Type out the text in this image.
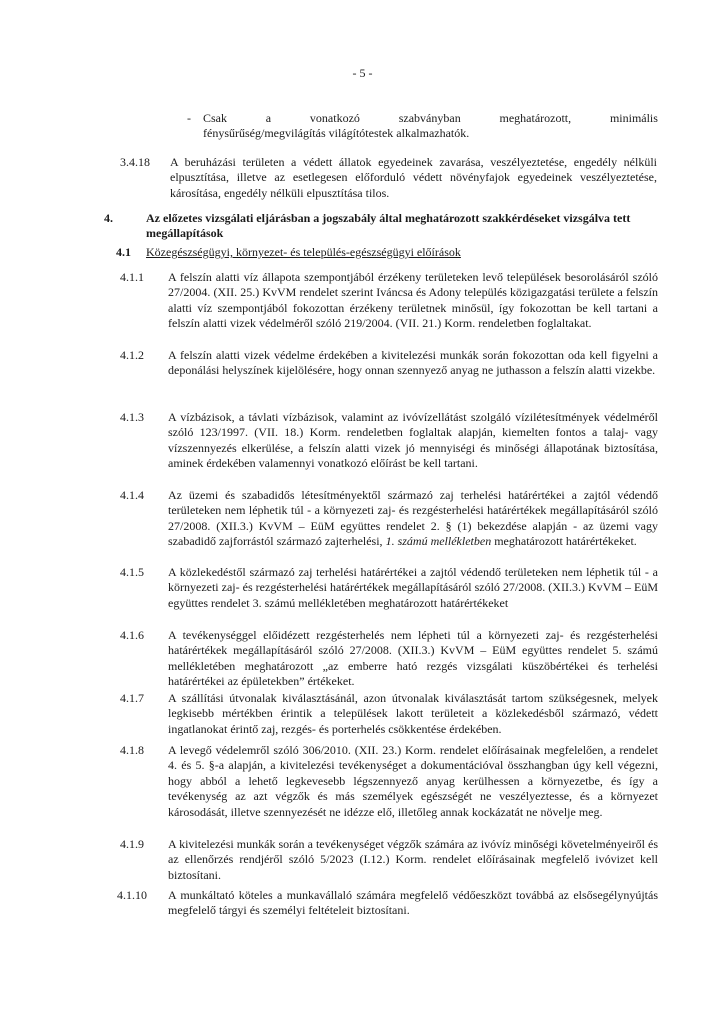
- 5 -
- Csak	a	vonatkozó	szabványban	meghatározott,	minimális
fénysűrűség/megvilágítás világítótestek alkalmazhatók.
3.4.18 A beruházási területen a védett állatok egyedeinek zavarása, veszélyeztetése, engedély nélküli elpusztítása, illetve az esetlegesen előforduló védett növényfajok egyedeinek veszélyeztetése, károsítása, engedély nélküli elpusztítása tilos.
4.	Az előzetes vizsgálati eljárásban a jogszabály által meghatározott szakkérdéseket vizsgálva tett megállapítások
4.1 Közegészségügyi, környezet- és település-egészségügyi előírások
4.1.1 A felszín alatti víz állapota szempontjából érzékeny területeken levő települések besorolásáról szóló 27/2004. (XII. 25.) KvVM rendelet szerint Iváncsa és Adony település közigazgatási területe a felszín alatti víz szempontjából fokozottan érzékeny területnek minősül, így fokozottan be kell tartani a felszín alatti vizek védelméről szóló 219/2004. (VII. 21.) Korm. rendeletben foglaltakat.
4.1.2 A felszín alatti vizek védelme érdekében a kivitelezési munkák során fokozottan oda kell figyelni a deponálási helyszínek kijelölésére, hogy onnan szennyező anyag ne juthasson a felszín alatti vizekbe.
4.1.3 A vízbázisok, a távlati vízbázisok, valamint az ivóvízellátást szolgáló vízilétesítmények védelméről szóló 123/1997. (VII. 18.) Korm. rendeletben foglaltak alapján, kiemelten fontos a talaj- vagy vízszennyezés elkerülése, a felszín alatti vizek jó mennyiségi és minőségi állapotának biztosítása, aminek érdekében valamennyi vonatkozó előírást be kell tartani.
4.1.4 Az üzemi és szabadidős létesítményektől származó zaj terhelési határértékei a zajtól védendő területeken nem léphetik túl - a környezeti zaj- és rezgésterhelési határértékek megállapításáról szóló 27/2008. (XII.3.) KvVM – EüM együttes rendelet 2. § (1) bekezdése alapján - az üzemi vagy szabadidő zajforrástól származó zajterhelési, 1. számú mellékletben meghatározott határértékeket.
4.1.5 A közlekedéstől származó zaj terhelési határértékei a zajtól védendő területeken nem léphetik túl - a környezeti zaj- és rezgésterhelési határértékek megállapításáról szóló 27/2008. (XII.3.) KvVM – EüM együttes rendelet 3. számú mellékletében meghatározott határértékeket
4.1.6 A tevékenységgel előidézett rezgésterhelés nem lépheti túl a környezeti zaj- és rezgésterhelési határértékek megállapításáról szóló 27/2008. (XII.3.) KvVM – EüM együttes rendelet 5. számú mellékletében meghatározott „az emberre ható rezgés vizsgálati küszöbértékei és terhelési határértékei az épületekben” értékeket.
4.1.7 A szállítási útvonalak kiválasztásánál, azon útvonalak kiválasztását tartom szükségesnek, melyek legkisebb mértékben érintik a települések lakott területeit a közlekedésből származó, védett ingatlanokat érintő zaj, rezgés- és porterhelés csökkentése érdekében.
4.1.8 A levegő védelemről szóló 306/2010. (XII. 23.) Korm. rendelet előírásainak megfelelően, a rendelet 4. és 5. §-a alapján, a kivitelezési tevékenységet a dokumentációval összhangban úgy kell végezni, hogy abból a lehető legkevesebb légszennyező anyag kerülhessen a környezetbe, és így a tevékenység az azt végzők és más személyek egészségét ne veszélyeztesse, és a környezet károsodását, illetve szennyezését ne idézze elő, illetőleg annak kockázatát ne növelje meg.
4.1.9 A kivitelezési munkák során a tevékenységet végzők számára az ivóvíz minőségi követelményeiről és az ellenőrzés rendjéről szóló 5/2023 (I.12.) Korm. rendelet előírásainak megfelelő ivóvizet kell biztosítani.
4.1.10 A munkáltató köteles a munkavállaló számára megfelelő védőeszközt továbbá az elsősegélynyújtás megfelelő tárgyi és személyi feltételeit biztosítani.
